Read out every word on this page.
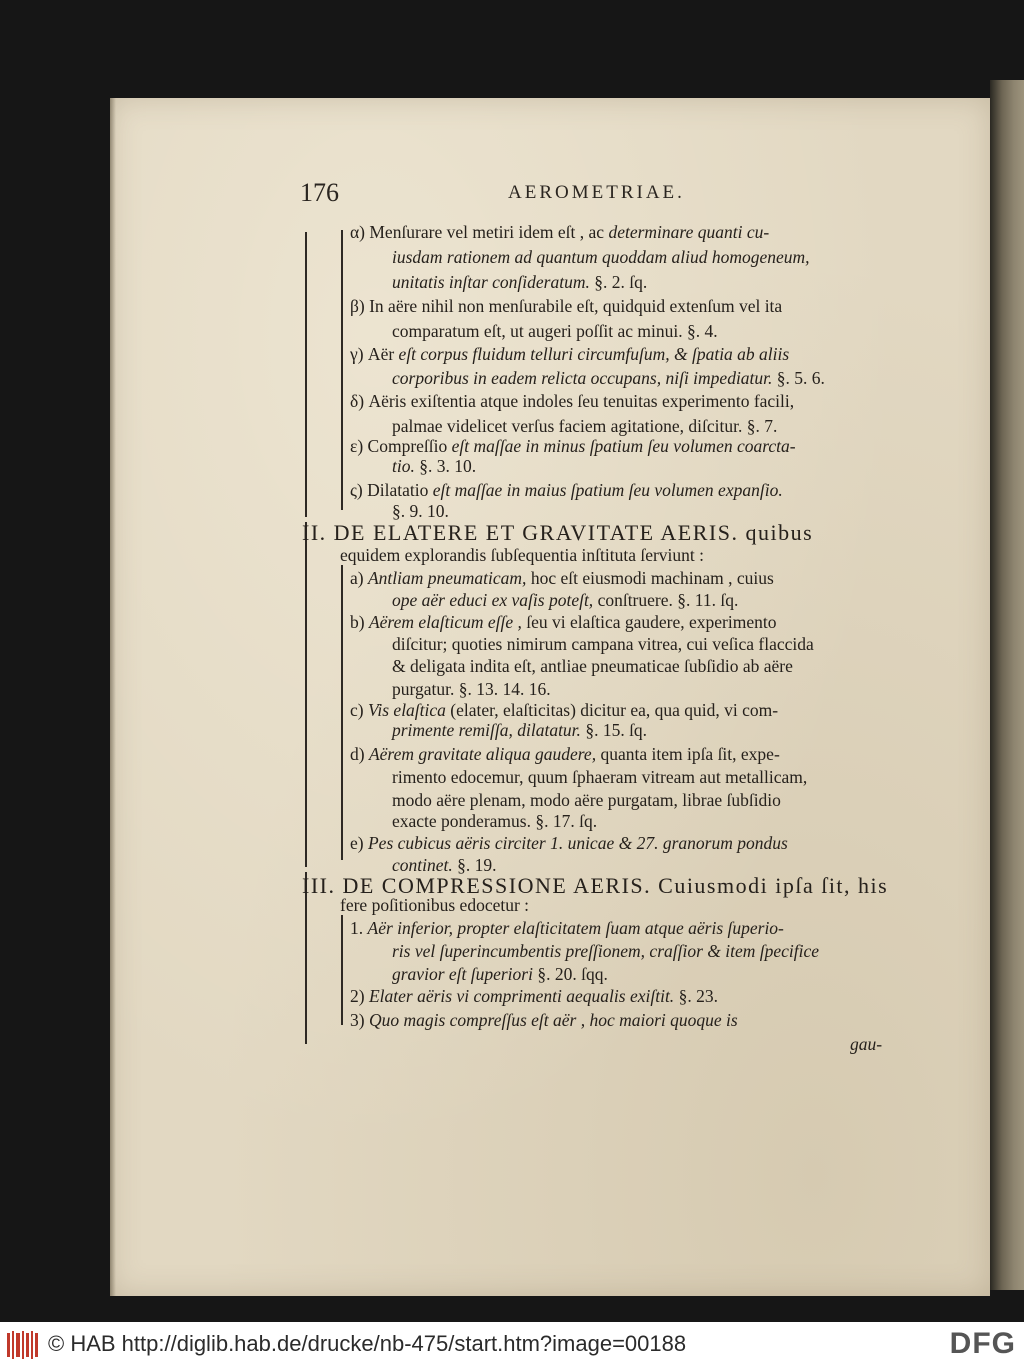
176	AEROMETRIAE.
α) Menſurare vel metiri idem eſt , ac determinare quanti cu-
iusdam rationem ad quantum quoddam aliud homogeneum,
unitatis inſtar conſideratum. §. 2. ſq.
β) In aëre nihil non menſurabile eſt, quidquid extenſum vel ita
comparatum eſt, ut augeri poſſit ac minui. §. 4.
γ) Aër eſt corpus fluidum telluri circumfuſum, & ſpatia ab aliis
corporibus in eadem relicta occupans, niſi impediatur. §. 5. 6.
δ) Aëris exiſtentia atque indoles ſeu tenuitas experimento facili,
palmae videlicet verſus faciem agitatione, diſcitur. §. 7.
ε) Compreſſio eſt maſſae in minus ſpatium ſeu volumen coarcta-
tio. §. 3. 10.
ς) Dilatatio eſt maſſae in maius ſpatium ſeu volumen expanſio.
§. 9. 10.
II. DE ELATERE ET GRAVITATE AERIS. quibus
equidem explorandis ſubſequentia inſtituta ſerviunt :
a) Antliam pneumaticam, hoc eſt eiusmodi machinam , cuius
ope aër educi ex vaſis poteſt, conſtruere. §. 11. ſq.
b) Aërem elaſticum eſſe , ſeu vi elaſtica gaudere, experimento
diſcitur; quoties nimirum campana vitrea, cui veſica flaccida
& deligata indita eſt, antliae pneumaticae ſubſidio ab aëre
purgatur. §. 13. 14. 16.
c) Vis elaſtica (elater, elaſticitas) dicitur ea, qua quid, vi com-
primente remiſſa, dilatatur. §. 15. ſq.
d) Aërem gravitate aliqua gaudere, quanta item ipſa ſit, expe-
rimento edocemur, quum ſphaeram vitream aut metallicam,
modo aëre plenam, modo aëre purgatam, librae ſubſidio
exacte ponderamus. §. 17. ſq.
e) Pes cubicus aëris circiter 1. unicae & 27. granorum pondus
continet. §. 19.
III. DE COMPRESSIONE AERIS. Cuiusmodi ipſa ſit, his
fere poſitionibus edocetur :
1. Aër inferior, propter elaſticitatem ſuam atque aëris ſuperio-
ris vel ſuperincumbentis preſſionem, craſſior & item ſpecifice
gravior eſt ſuperiori §. 20. ſqq.
2) Elater aëris vi comprimenti aequalis exiſtit. §. 23.
3) Quo magis compreſſus eſt aër , hoc maiori quoque is
gau-
© HAB http://diglib.hab.de/drucke/nb-475/start.htm?image=00188	DFG
